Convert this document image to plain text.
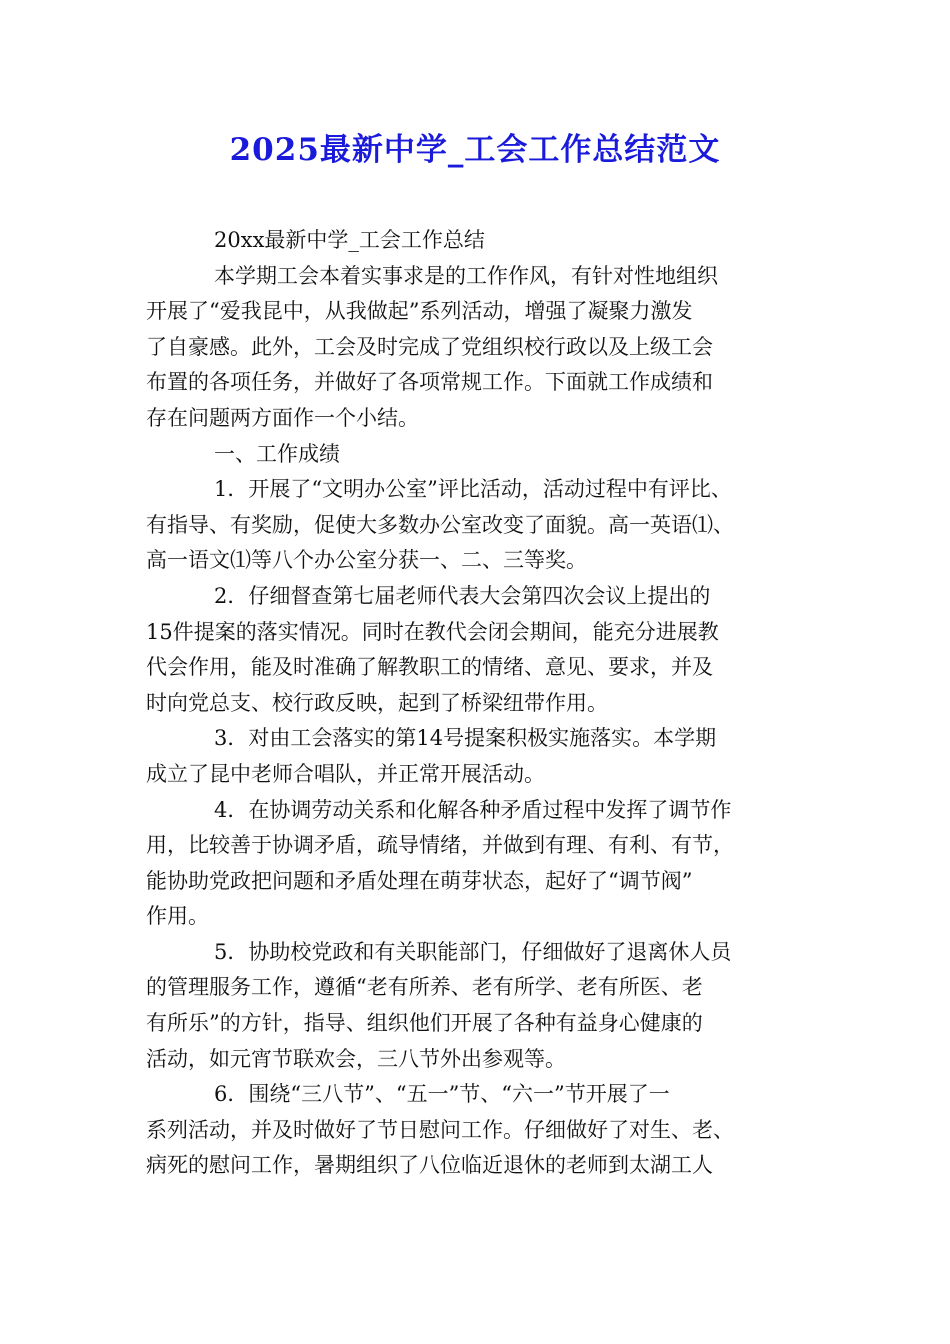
2025最新中学_工会工作总结范文
20xx最新中学_工会工作总结
本学期工会本着实事求是的工作作风，有针对性地组织
开展了“爱我昆中，从我做起”系列活动，增强了凝聚力激发
了自豪感。此外，工会及时完成了党组织校行政以及上级工会
布置的各项任务，并做好了各项常规工作。下面就工作成绩和
存在问题两方面作一个小结。
一、工作成绩
1．开展了“文明办公室”评比活动，活动过程中有评比、
有指导、有奖励，促使大多数办公室改变了面貌。高一英语⑴、
高一语文⑴等八个办公室分获一、二、三等奖。
2．仔细督查第七届老师代表大会第四次会议上提出的
15件提案的落实情况。同时在教代会闭会期间，能充分进展教
代会作用，能及时准确了解教职工的情绪、意见、要求，并及
时向党总支、校行政反映，起到了桥梁纽带作用。
3．对由工会落实的第14号提案积极实施落实。本学期
成立了昆中老师合唱队，并正常开展活动。
4．在协调劳动关系和化解各种矛盾过程中发挥了调节作
用，比较善于协调矛盾，疏导情绪，并做到有理、有利、有节，
能协助党政把问题和矛盾处理在萌芽状态，起好了“调节阀”
作用。
5．协助校党政和有关职能部门，仔细做好了退离休人员
的管理服务工作，遵循“老有所养、老有所学、老有所医、老
有所乐”的方针，指导、组织他们开展了各种有益身心健康的
活动，如元宵节联欢会，三八节外出参观等。
6．围绕“三八节”、“五一”节、“六一”节开展了一
系列活动，并及时做好了节日慰问工作。仔细做好了对生、老、
病死的慰问工作，暑期组织了八位临近退休的老师到太湖工人
